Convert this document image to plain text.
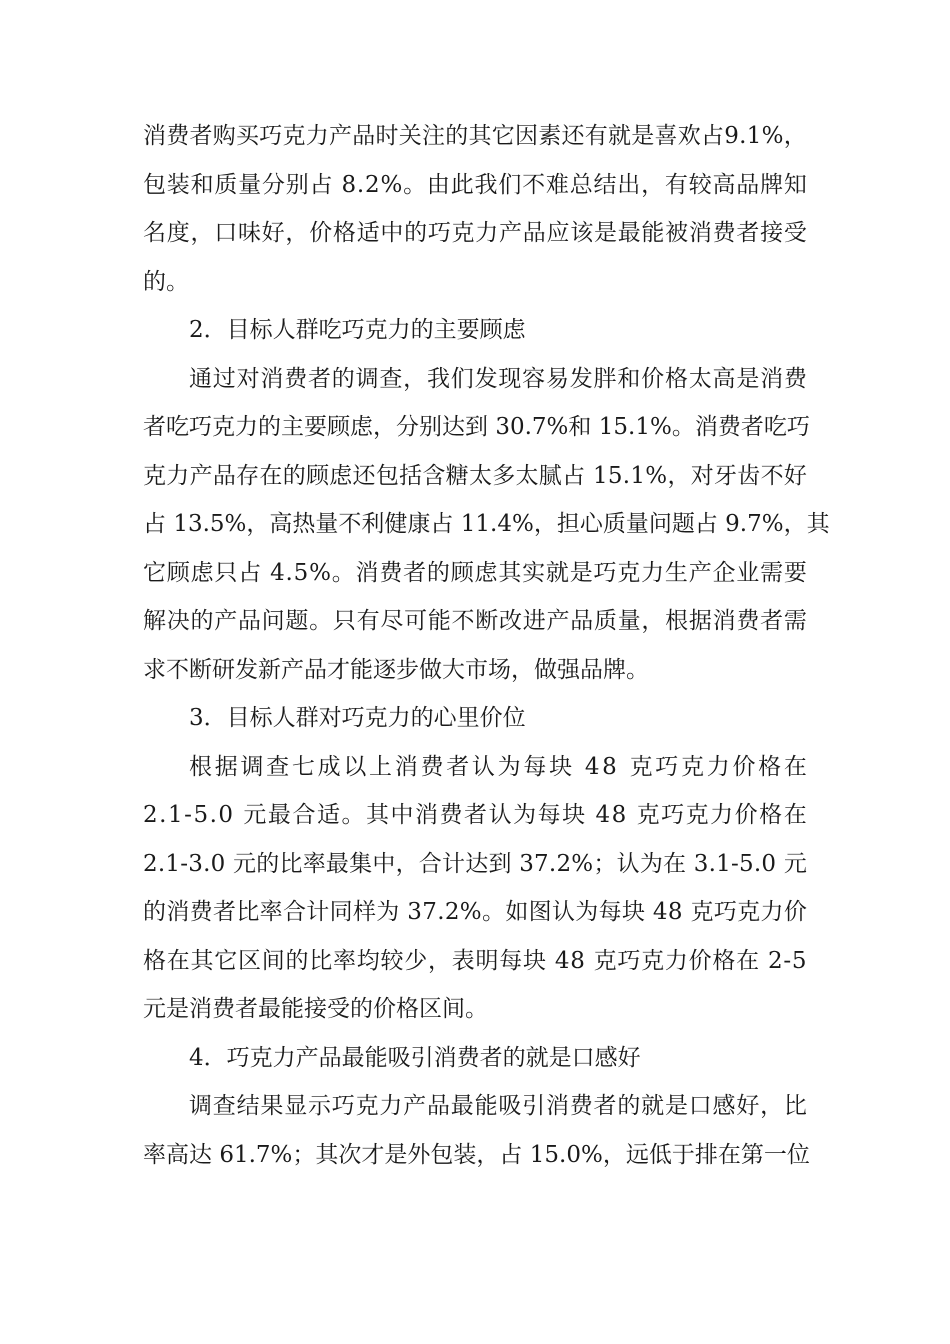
消 费 者 购 买 巧 克 力 产 品 时 关 注 的 其 它 因 素 还 有 就 是 喜 欢 占 9 . 1 % ，
包 装 和 质 量 分 别 占
8 . 2 % 。 由 此 我 们 不 难 总 结 出 ， 有 较 高 品 牌 知
名 度 ， 口 味 好 ， 价 格 适 中 的 巧 克 力 产 品 应 该 是 最 能 被 消 费 者 接 受
的。
2．目标人群吃巧克力的主要顾虑
通 过 对 消 费 者 的 调 查 ， 我 们 发 现 容 易 发 胖 和 价 格 太 高 是 消 费
者 吃 巧 克 力 的 主 要 顾 虑 ， 分 别 达 到
3 0 . 7 % 和
1 5 . 1 % 。 消 费 者 吃 巧
克 力 产 品 存 在 的 顾 虑 还 包 括 含 糖 太 多 太 腻 占
1 5 . 1 % ， 对 牙 齿 不 好
占
1 3 . 5 % ， 高 热 量 不 利 健 康 占
1 1 . 4 % ， 担 心 质 量 问 题 占
9 . 7 % ， 其
它 顾 虑 只 占
4 . 5 % 。 消 费 者 的 顾 虑 其 实 就 是 巧 克 力 生 产 企 业 需 要
解 决 的 产 品 问 题 。 只 有 尽 可 能 不 断 改 进 产 品 质 量 ， 根 据 消 费 者 需
求不断研发新产品才能逐步做大市场，做强品牌。
3．目标人群对巧克力的心里价位
根 据 调 查 七 成 以 上 消 费 者 认 为 每 块
4 8
克 巧 克 力 价 格 在
2 . 1 - 5 . 0
元 最 合 适 。 其 中 消 费 者 认 为 每 块
4 8
克 巧 克 力 价 格 在
2 . 1 - 3 . 0
元 的 比 率 最 集 中 ， 合 计 达 到
3 7 . 2 % ； 认 为 在
3 . 1 - 5 . 0
元
的 消 费 者 比 率 合 计 同 样 为
3 7 . 2 % 。 如 图 认 为 每 块
4 8
克 巧 克 力 价
格 在 其 它 区 间 的 比 率 均 较 少 ， 表 明 每 块
4 8
克 巧 克 力 价 格 在
2 - 5
元是消费者最能接受的价格区间。
4．巧克力产品最能吸引消费者的就是口感好
调 查 结 果 显 示 巧 克 力 产 品 最 能 吸 引 消 费 者 的 就 是 口 感 好 ， 比
率 高 达
6 1 . 7 % ； 其 次 才 是 外 包 装 ， 占
1 5 . 0 % ， 远 低 于 排 在 第 一 位
